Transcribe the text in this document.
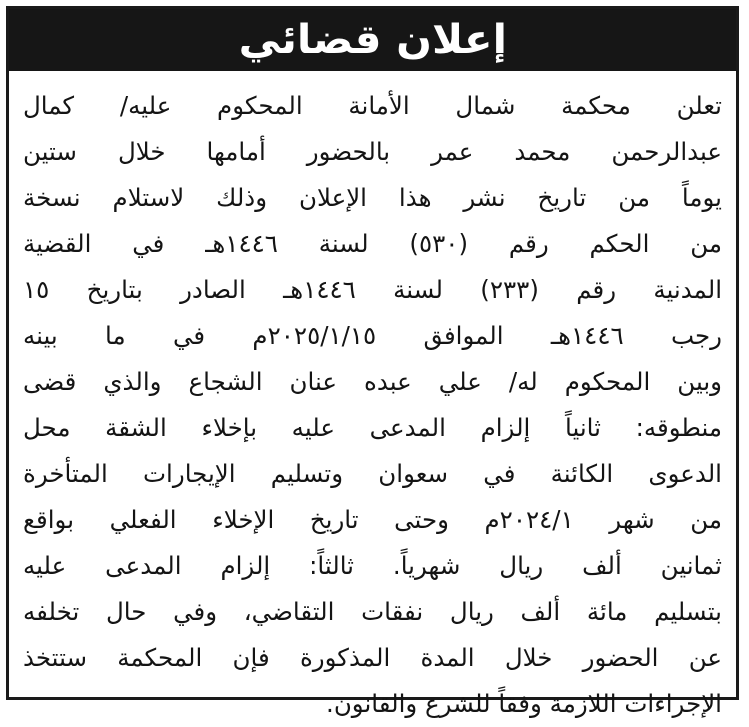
إعلان قضائي
تعلن محكمة شمال الأمانة المحكوم عليه/ كمال
عبدالرحمن محمد عمر بالحضور أمامها خلال ستين
يوماً من تاريخ نشر هذا الإعلان وذلك لاستلام نسخة
من الحكم رقم (٥٣٠) لسنة ١٤٤٦هـ في القضية
المدنية رقم (٢٣٣) لسنة ١٤٤٦هـ الصادر بتاريخ ١٥
رجب ١٤٤٦هـ الموافق ٢٠٢٥/١/١٥م في ما بينه
وبين المحكوم له/ علي عبده عنان الشجاع والذي قضى
منطوقه: ثانياً إلزام المدعى عليه بإخلاء الشقة محل
الدعوى الكائنة في سعوان وتسليم الإيجارات المتأخرة
من شهر ٢٠٢٤/١م وحتى تاريخ الإخلاء الفعلي بواقع
ثمانين ألف ريال شهرياً. ثالثاً: إلزام المدعى عليه
بتسليم مائة ألف ريال نفقات التقاضي، وفي حال تخلفه
عن الحضور خلال المدة المذكورة فإن المحكمة ستتخذ
الإجراءات اللازمة وفقاً للشرع والقانون.
